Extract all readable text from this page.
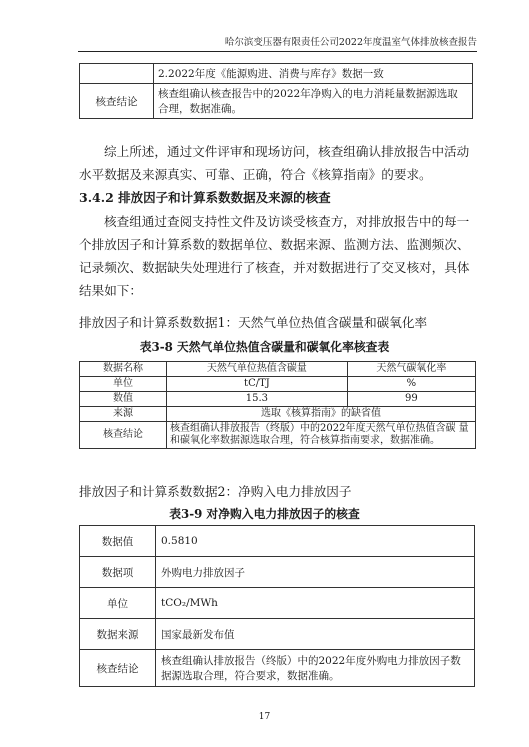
哈尔滨变压器有限责任公司2022年度温室气体排放核查报告
	2.2022年度《能源购进、消费与库存》数据一致
核查结论	核查组确认核查报告中的2022年净购入的电力消耗量数据源选取合理，数据准确。

综上所述，通过文件评审和现场访问，核查组确认排放报告中活动水平数据及来源真实、可靠、正确，符合《核算指南》的要求。

3.4.2 排放因子和计算系数数据及来源的核查

核查组通过查阅支持性文件及访谈受核查方，对排放报告中的每一个排放因子和计算系数的数据单位、数据来源、监测方法、监测频次、记录频次、数据缺失处理进行了核查，并对数据进行了交叉核对，具体结果如下：

排放因子和计算系数数据1：天然气单位热值含碳量和碳氧化率

表3-8 天然气单位热值含碳量和碳氧化率核查表

数据名称	天然气单位热值含碳量	天然气碳氧化率
单位	tC/TJ	%
数值	15.3	99
来源	选取《核算指南》的缺省值	
核查结论	核查组确认排放报告（终版）中的2022年度天然气单位热值含碳 量和碳氧化率数据源选取合理，符合核算指南要求，数据准确。	

排放因子和计算系数数据2：净购入电力排放因子

表3-9 对净购入电力排放因子的核查

数据值	0.5810
数据项	外购电力排放因子
单位	tCO₂/MWh
数据来源	国家最新发布值
核查结论	核查组确认排放报告（终版）中的2022年度外购电力排放因子数据源选取合理，符合要求，数据准确。
17
